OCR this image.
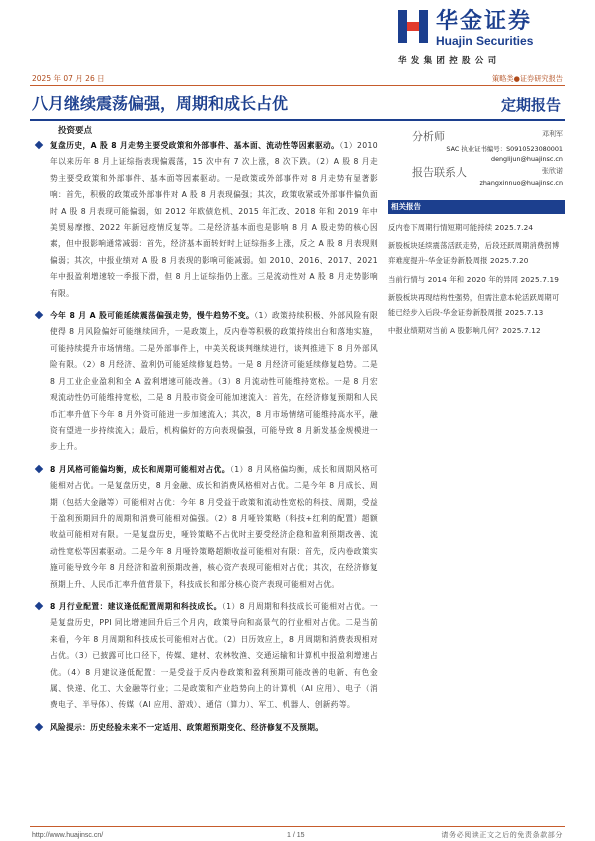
华金证券
Huajin Securities
华发集团控股公司
2025 年 07 月 26 日	策略类●证券研究报告
八月继续震荡偏强，周期和成长占优	定期报告
投资要点

复盘历史，A 股 8 月走势主要受政策和外部事件、基本面、流动性等因素驱动。（1）2010 年以来历年 8 月上证综指表现偏震荡，15 次中有 7 次上涨，8 次下跌。（2）A 股 8 月走势主要受政策和外部事件、基本面等因素驱动。一是政策或外部事件对 8 月走势有显著影响：首先，积极的政策或外部事件对 A 股 8 月表现偏强；其次，政策收紧或外部事件偏负面时 A 股 8 月表现可能偏弱，如 2012 年欧债危机、2015 年汇改、2018 年和 2019 年中美贸易摩擦、2022 年新冠疫情反复等。二是经济基本面也是影响 8 月 A 股走势的核心因素，但中报影响通常减弱：首先，经济基本面转好时上证综指多上涨，反之 A 股 8 月表现则偏弱；其次，中报业绩对 A 股 8 月表现的影响可能减弱。如 2010、2016、2017、2021 年中报盈利增速较一季报下滑，但 8 月上证综指仍上涨。三是流动性对 A 股 8 月走势影响有限。

今年 8 月 A 股可能延续震荡偏强走势，慢牛趋势不变。（1）政策持续积极、外部风险有限使得 8 月风险偏好可能继续回升，一是政策上，反内卷等积极的政策持续出台和落地实施，可能持续提升市场情绪。二是外部事件上，中美关税谈判继续进行，谈判推进下 8 月外部风险有限。（2）8 月经济、盈利仍可能延续修复趋势。一是 8 月经济可能延续修复趋势。二是 8 月工业企业盈利和全 A 盈利增速可能改善。（3）8 月流动性可能维持宽松。一是 8 月宏观流动性仍可能维持宽松，二是 8 月股市资金可能加速流入：首先，在经济修复预期和人民币汇率升值下今年 8 月外资可能进一步加速流入；其次，8 月市场情绪可能维持高水平，融资有望进一步持续流入；最后，机构偏好的方向表现偏强，可能导致 8 月新发基金规模进一步上升。

8 月风格可能偏均衡，成长和周期可能相对占优。（1）8 月风格偏均衡，成长和周期风格可能相对占优。一是复盘历史，8 月金融、成长和消费风格相对占优。二是今年 8 月成长、周期（包括大金融等）可能相对占优：今年 8 月受益于政策和流动性宽松的科技、周期，受益于盈利预期回升的周期和消费可能相对偏强。（2）8 月哑铃策略（科技+红利的配置）超额收益可能相对有限。一是复盘历史，哑铃策略不占优时主要受经济企稳和盈利预期改善、流动性宽松等因素驱动。二是今年 8 月哑铃策略超额收益可能相对有限：首先，反内卷政策实施可能导致今年 8 月经济和盈利预期改善，核心资产表现可能相对占优；其次，在经济修复预期上升、人民币汇率升值背景下，科技成长和部分核心资产表现可能相对占优。

8 月行业配置：建议逢低配置周期和科技成长。（1）8 月周期和科技成长可能相对占优。一是复盘历史，PPI 同比增速回升后三个月内，政策导向和高景气的行业相对占优。二是当前来看，今年 8 月周期和科技成长可能相对占优。（2）日历效应上，8 月周期和消费表现相对占优。（3）已披露可比口径下，传媒、建材、农林牧渔、交通运输和计算机中报盈利增速占优。（4）8 月建议逢低配置：一是受益于反内卷政策和盈利预期可能改善的电新、有色金属、快递、化工、大金融等行业；二是政策和产业趋势向上的计算机（AI 应用）、电子（消费电子、半导体）、传媒（AI 应用、游戏）、通信（算力）、军工、机器人、创新药等。

风险提示：历史经验未来不一定适用、政策超预期变化、经济修复不及预期。

分析师	邓利军
SAC 执业证书编号：S0910523080001
denglijun@huajinsc.cn
报告联系人	张欣诺
zhangxinnuo@huajinsc.cn
相关报告

反内卷下周期行情短期可能持续 2025.7.24

新股板块延续震荡活跃走势，后段还跃周期消费拐博弈难度提升-华金证券新股周报 2025.7.20

当前行情与 2014 年和 2020 年的异同 2025.7.19

新股板块再现结构性强势，但需注意本轮活跃周期可能已经步入后段-华金证券新股周报 2025.7.13

中报业绩期对当前 A 股影响几何？2025.7.12

http://www.huajinsc.cn/	1 / 15	请务必阅读正文之后的免责条款部分
